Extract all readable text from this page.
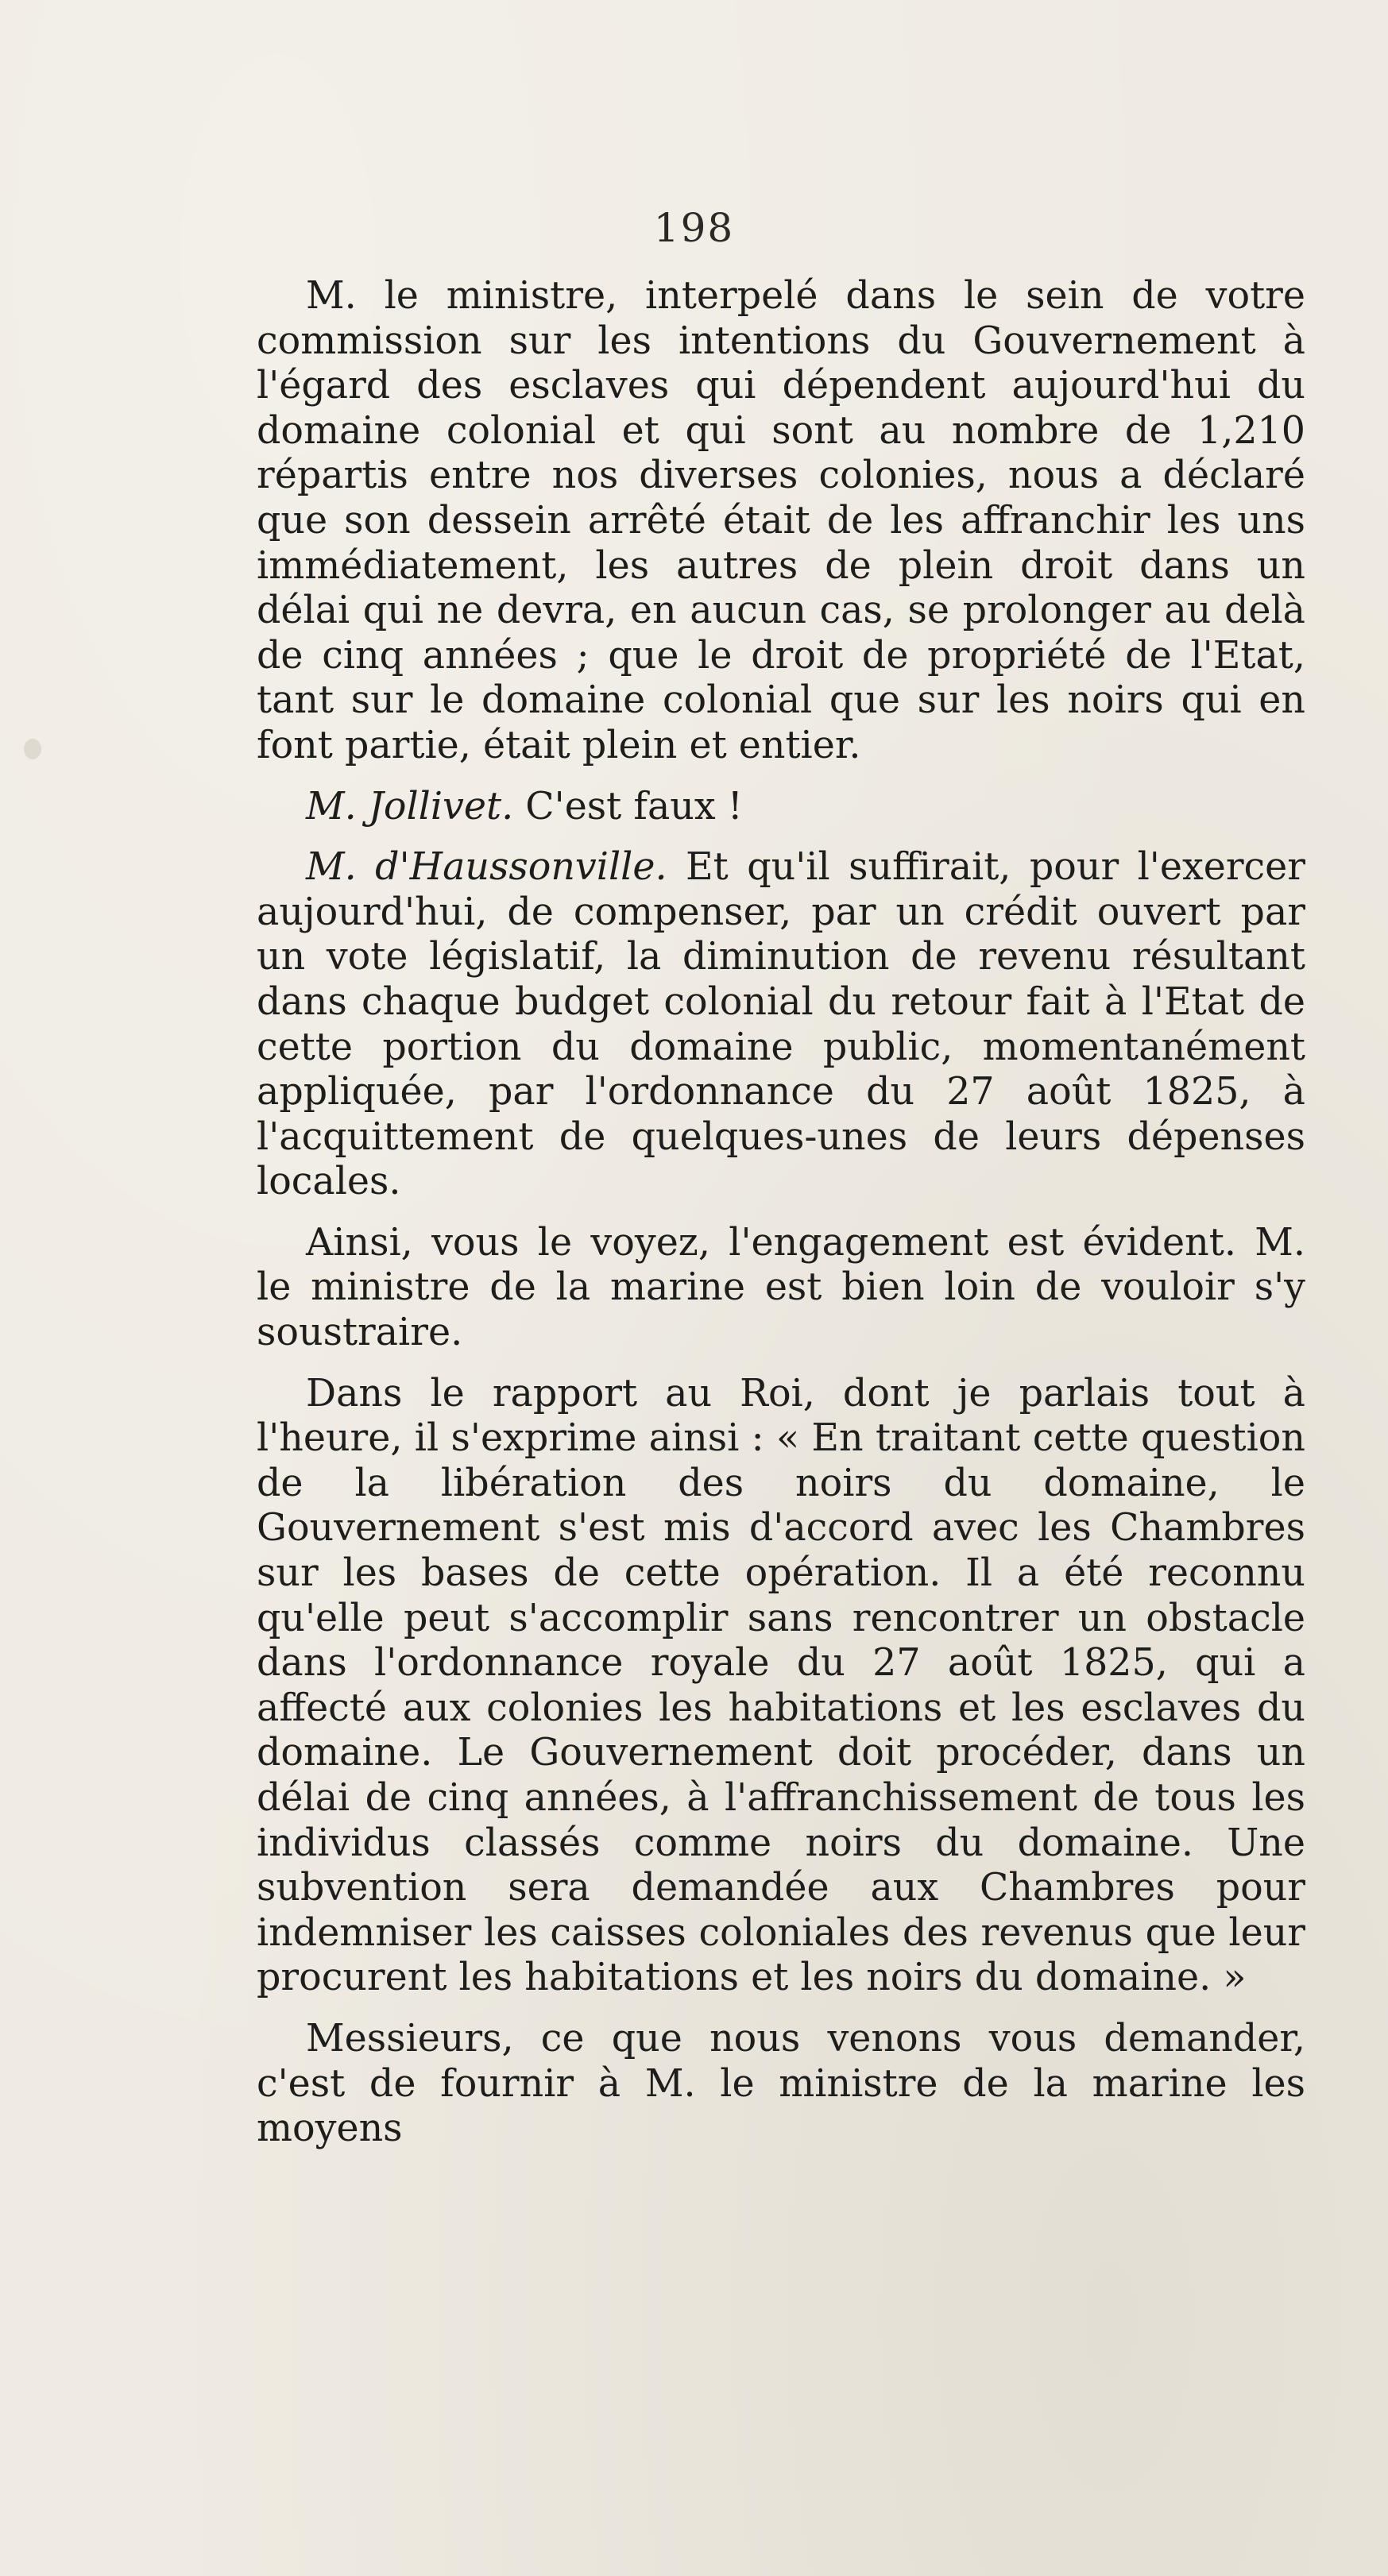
198

M. le ministre, interpelé dans le sein de votre commission sur les intentions du Gouvernement à l'égard des esclaves qui dépendent aujourd'hui du domaine colonial et qui sont au nombre de 1,210 répartis entre nos diverses colonies, nous a déclaré que son dessein arrêté était de les affranchir les uns immédiatement, les autres de plein droit dans un délai qui ne devra, en aucun cas, se prolonger au delà de cinq années ; que le droit de propriété de l'Etat, tant sur le domaine colonial que sur les noirs qui en font partie, était plein et entier.

M. Jollivet. C'est faux !

M. d'Haussonville. Et qu'il suffirait, pour l'exercer aujourd'hui, de compenser, par un crédit ouvert par un vote législatif, la diminution de revenu résultant dans chaque budget colonial du retour fait à l'Etat de cette portion du domaine public, momentanément appliquée, par l'ordonnance du 27 août 1825, à l'acquittement de quelques-unes de leurs dépenses locales.

Ainsi, vous le voyez, l'engagement est évident. M. le ministre de la marine est bien loin de vouloir s'y soustraire.

Dans le rapport au Roi, dont je parlais tout à l'heure, il s'exprime ainsi : « En traitant cette question de la libération des noirs du domaine, le Gouvernement s'est mis d'accord avec les Chambres sur les bases de cette opération. Il a été reconnu qu'elle peut s'accomplir sans rencontrer un obstacle dans l'ordonnance royale du 27 août 1825, qui a affecté aux colonies les habitations et les esclaves du domaine. Le Gouvernement doit procéder, dans un délai de cinq années, à l'affranchissement de tous les individus classés comme noirs du domaine. Une subvention sera demandée aux Chambres pour indemniser les caisses coloniales des revenus que leur procurent les habitations et les noirs du domaine. »

Messieurs, ce que nous venons vous demander, c'est de fournir à M. le ministre de la marine les moyens
